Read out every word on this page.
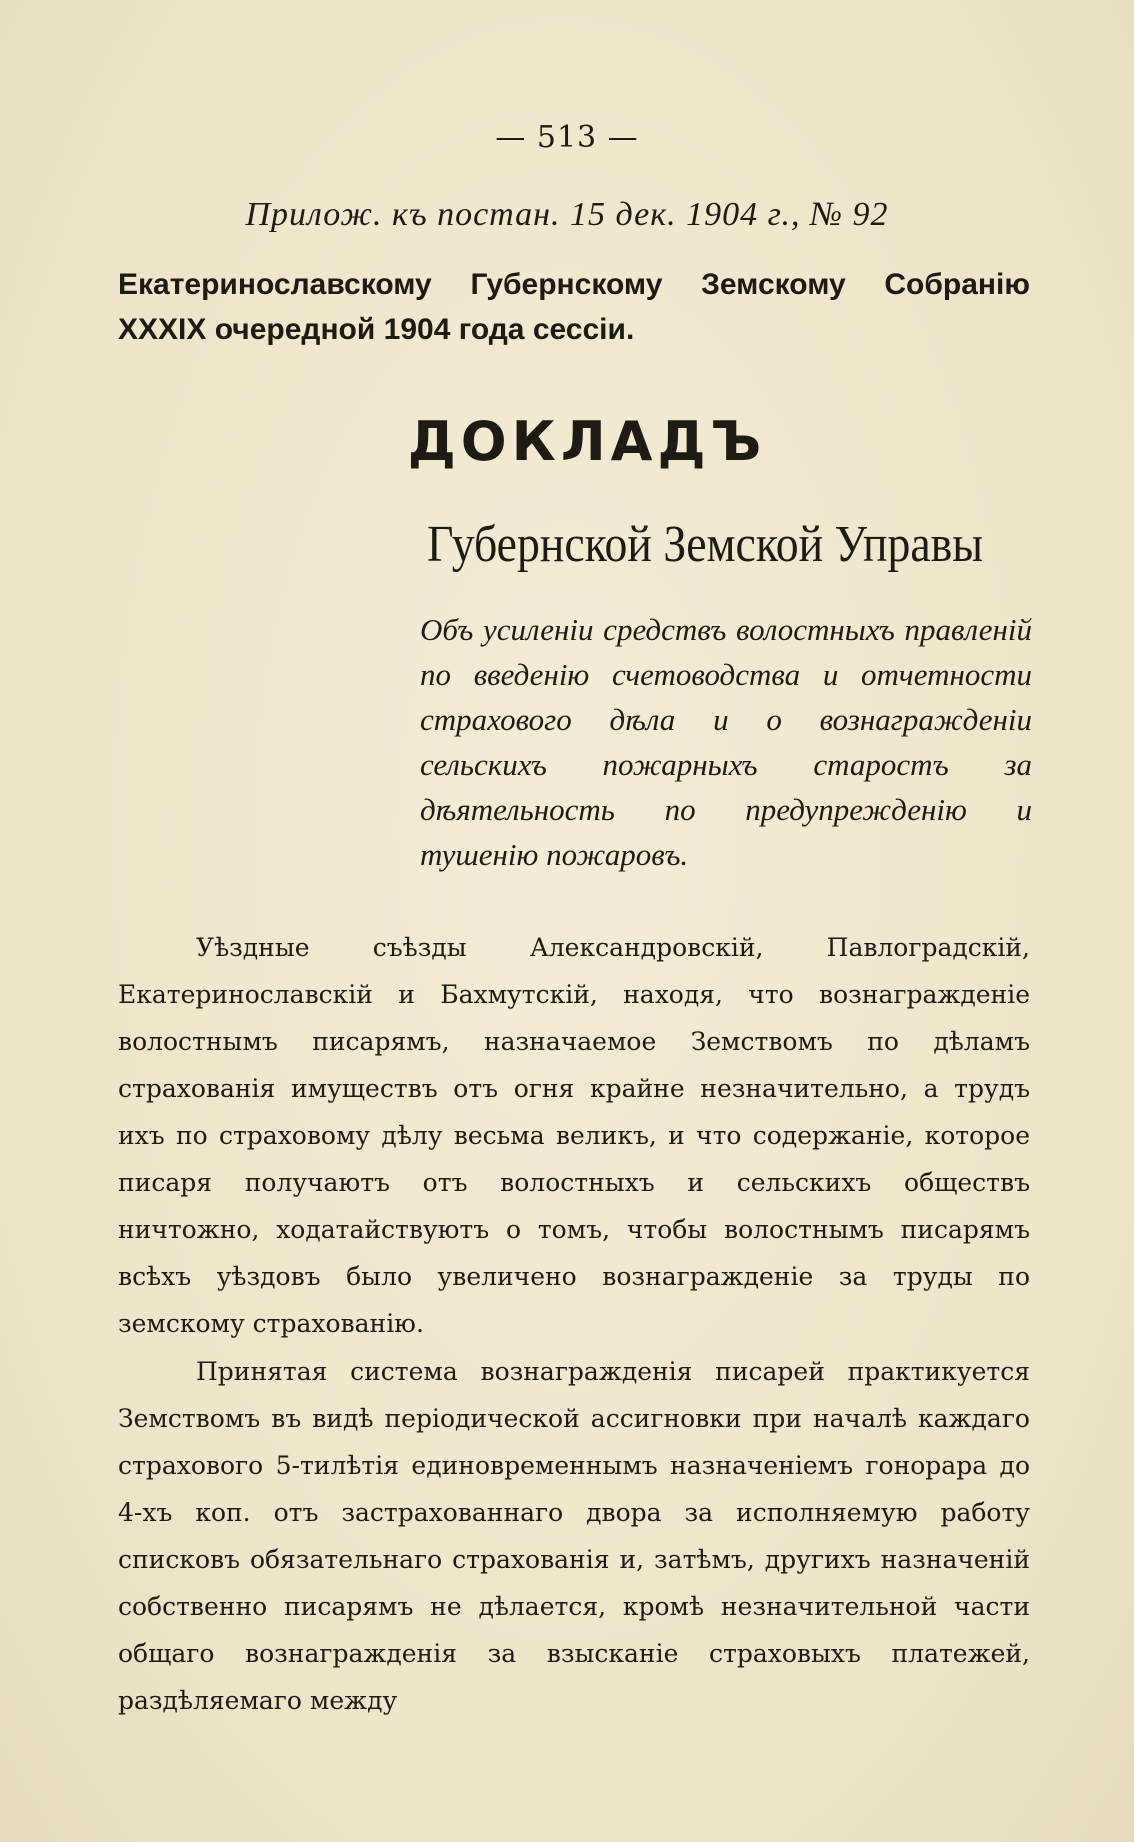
— 513 —
Прилож. къ постан. 15 дек. 1904 г., № 92
Екатеринославскому Губернскому Земскому Собранію XXXIX очередной 1904 года сессіи.
ДОКЛАДЪ
Губернской Земской Управы
Объ усиленіи средствъ волостныхъ правленій по введенію счетоводства и отчетности страхового дѣла и о вознагражденіи сельскихъ пожарныхъ старостъ за дѣятельность по предупрежденію и тушенію пожаровъ.

Уѣздные съѣзды Александровскій, Павлоградскій, Екатеринославскій и Бахмутскій, находя, что вознагражденіе волостнымъ писарямъ, назначаемое Земствомъ по дѣламъ страхованія имуществъ отъ огня крайне незначительно, а трудъ ихъ по страховому дѣлу весьма великъ, и что содержаніе, которое писаря получаютъ отъ волостныхъ и сельскихъ обществъ ничтожно, ходатайствуютъ о томъ, чтобы волостнымъ писарямъ всѣхъ уѣздовъ было увеличено вознагражденіе за труды по земскому страхованію.

Принятая система вознагражденія писарей практикуется Земствомъ въ видѣ періодической ассигновки при началѣ каждаго страхового 5-тилѣтія единовременнымъ назначеніемъ гонорара до 4-хъ коп. отъ застрахованнаго двора за исполняемую работу списковъ обязательнаго страхованія и, затѣмъ, другихъ назначеній собственно писарямъ не дѣлается, кромѣ незначительной части общаго вознагражденія за взысканіе страховыхъ платежей, раздѣляемаго между
